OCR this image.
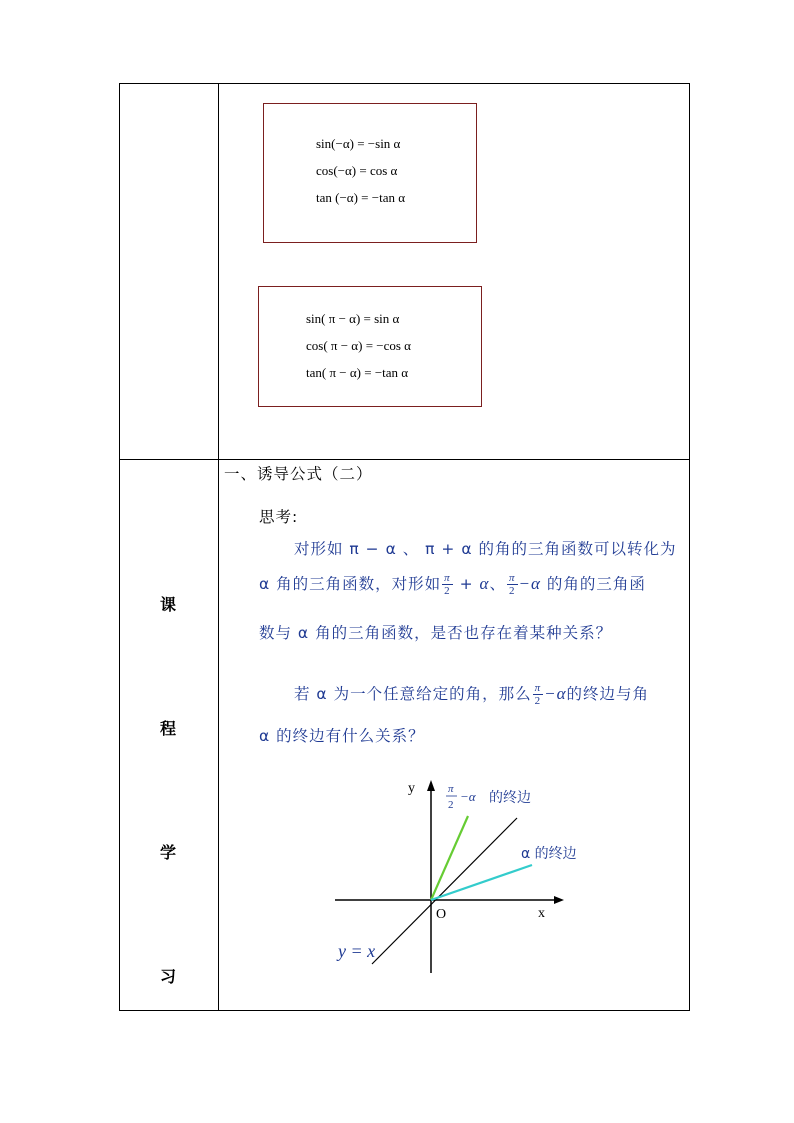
sin(−α) = −sin α
cos(−α) = cos α
tan (−α) = −tan α
sin( π − α) = sin α
cos( π − α) = −cos α
tan( π − α) = −tan α
课
程
学
习
一、诱导公式（二）
思考:
对形如 π − α 、 π + α 的角的三角函数可以转化为
α 角的三角函数，对形如 $\frac{\pi}{2} + \alpha$、 $\frac{\pi}{2} -\alpha$ 的角的三角函
数与 α 角的三角函数，是否也存在着某种关系？
若 α 为一个任意给定的角，那么 $\frac{\pi}{2} -\alpha$的终边与角
α 的终边有什么关系？
y
x
O
y = x
π
2
−α 的终边
α 的终边
